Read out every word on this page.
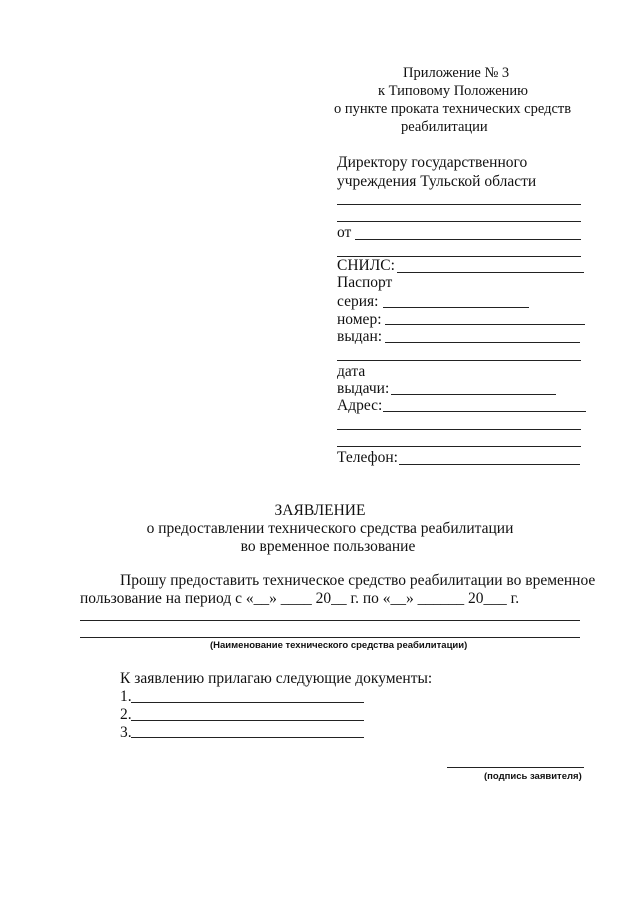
Приложение № 3
к Типовому Положению
о пункте проката технических средств
реабилитации
Директору государственного
учреждения Тульской области
от
СНИЛС:
Паспорт
серия:
номер:
выдан:
дата
выдачи:
Адрес:
Телефон:
ЗАЯВЛЕНИЕ
о предоставлении технического средства реабилитации
во временное пользование
Прошу предоставить техническое средство реабилитации во временное
пользование на период с «__» ____ 20__ г. по «__» ______ 20___ г.
(Наименование технического средства реабилитации)
К заявлению прилагаю следующие документы:
1.
2.
3.
(подпись заявителя)
